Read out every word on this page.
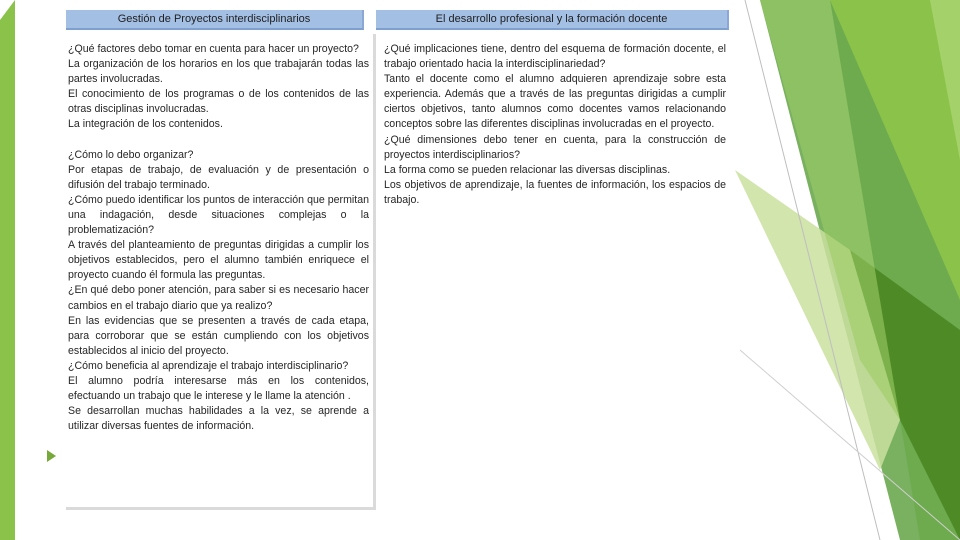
Gestión de Proyectos interdisciplinarios	El desarrollo profesional y la formación docente

¿Qué factores debo tomar en cuenta para hacer un proyecto?

La organización de los horarios en los que trabajarán todas las partes involucradas.

El conocimiento de los programas o de los contenidos de las otras disciplinas involucradas.

La integración de los contenidos.

¿Cómo lo debo organizar?

Por etapas de trabajo, de evaluación y de presentación o difusión del trabajo terminado.

¿Cómo puedo identificar los puntos de interacción que permitan una indagación, desde situaciones complejas o la problematización?

A través del planteamiento de preguntas dirigidas a cumplir los objetivos establecidos, pero el alumno también enriquece el proyecto cuando él formula las preguntas.

¿En qué debo poner atención, para saber si es necesario hacer cambios en el trabajo diario que ya realizo?

En las evidencias que se presenten a través de cada etapa, para corroborar que se están cumpliendo con los objetivos establecidos al inicio del proyecto.

¿Cómo beneficia al aprendizaje el trabajo interdisciplinario?

El alumno podría interesarse más en los contenidos, efectuando un trabajo que le interese y le llame la atención .

Se desarrollan muchas habilidades a la vez, se aprende a utilizar diversas fuentes de información.

¿Qué implicaciones tiene, dentro del esquema de formación docente, el trabajo orientado hacia la interdisciplinariedad?

Tanto el docente como el alumno adquieren aprendizaje sobre esta experiencia. Además que a través de las preguntas dirigidas a cumplir ciertos objetivos, tanto alumnos como docentes vamos relacionando conceptos sobre las diferentes disciplinas involucradas en el proyecto.

¿Qué dimensiones debo tener en cuenta, para la construcción de proyectos interdisciplinarios?

La forma como se pueden relacionar las diversas disciplinas.

Los objetivos de aprendizaje, la fuentes de información, los espacios de trabajo.
